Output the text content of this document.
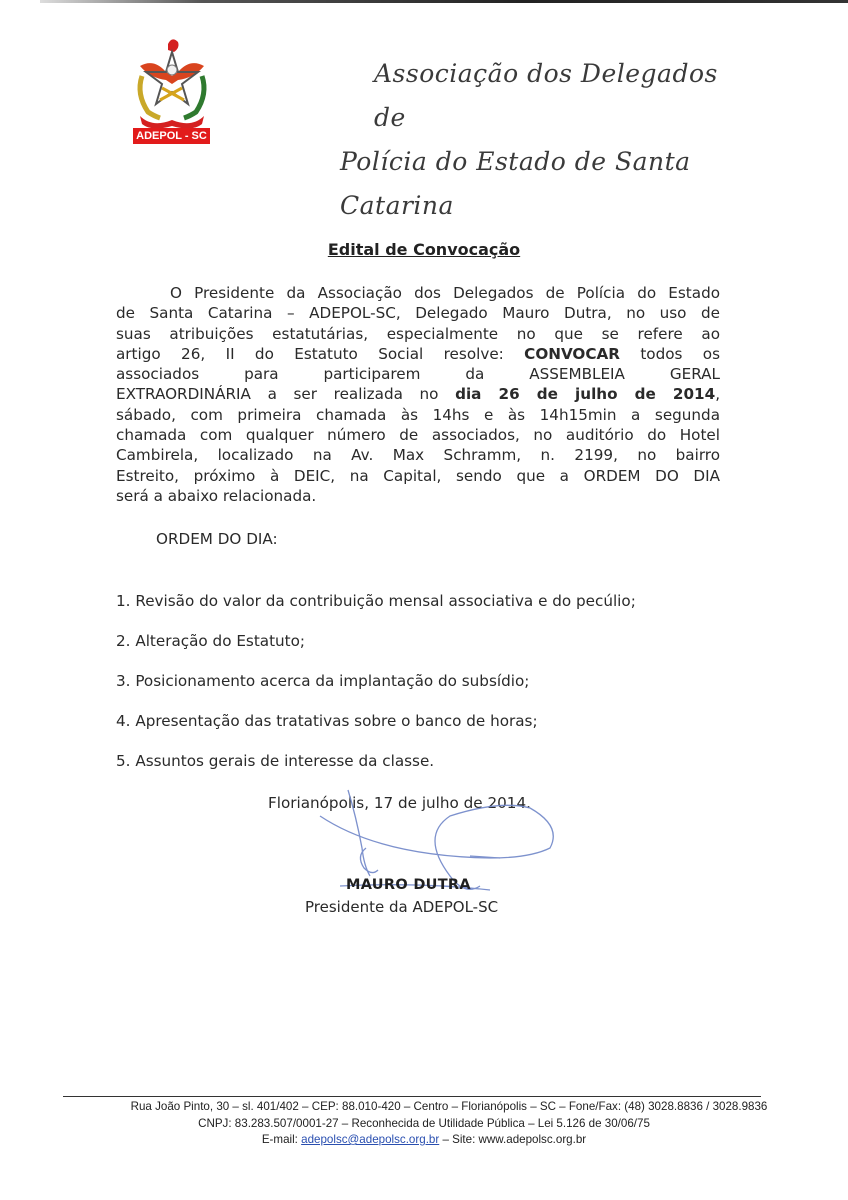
ADEPOL - SC
Associação dos Delegados de
Polícia do Estado de Santa Catarina
Edital de Convocação
O Presidente da Associação dos Delegados de Polícia do Estado
de Santa Catarina – ADEPOL-SC, Delegado Mauro Dutra, no uso de
suas atribuições estatutárias, especialmente no que se refere ao
artigo 26, II do Estatuto Social resolve: CONVOCAR todos os
associados para participarem da ASSEMBLEIA GERAL
EXTRAORDINÁRIA a ser realizada no dia 26 de julho de 2014,
sábado, com primeira chamada às 14hs e às 14h15min a segunda
chamada com qualquer número de associados, no auditório do Hotel
Cambirela, localizado na Av. Max Schramm, n. 2199, no bairro
Estreito, próximo à DEIC, na Capital, sendo que a ORDEM DO DIA
será a abaixo relacionada.
ORDEM DO DIA:
1. Revisão do valor da contribuição mensal associativa e do pecúlio;
2. Alteração do Estatuto;
3. Posicionamento acerca da implantação do subsídio;
4. Apresentação das tratativas sobre o banco de horas;
5. Assuntos gerais de interesse da classe.
Florianópolis, 17 de julho de 2014.
MAURO DUTRA
Presidente da ADEPOL-SC
Rua João Pinto, 30 – sl. 401/402 – CEP: 88.010-420 – Centro – Florianópolis – SC – Fone/Fax: (48) 3028.8836 / 3028.9836
CNPJ: 83.283.507/0001-27 – Reconhecida de Utilidade Pública – Lei 5.126 de 30/06/75
E-mail: adepolsc@adepolsc.org.br – Site: www.adepolsc.org.br
